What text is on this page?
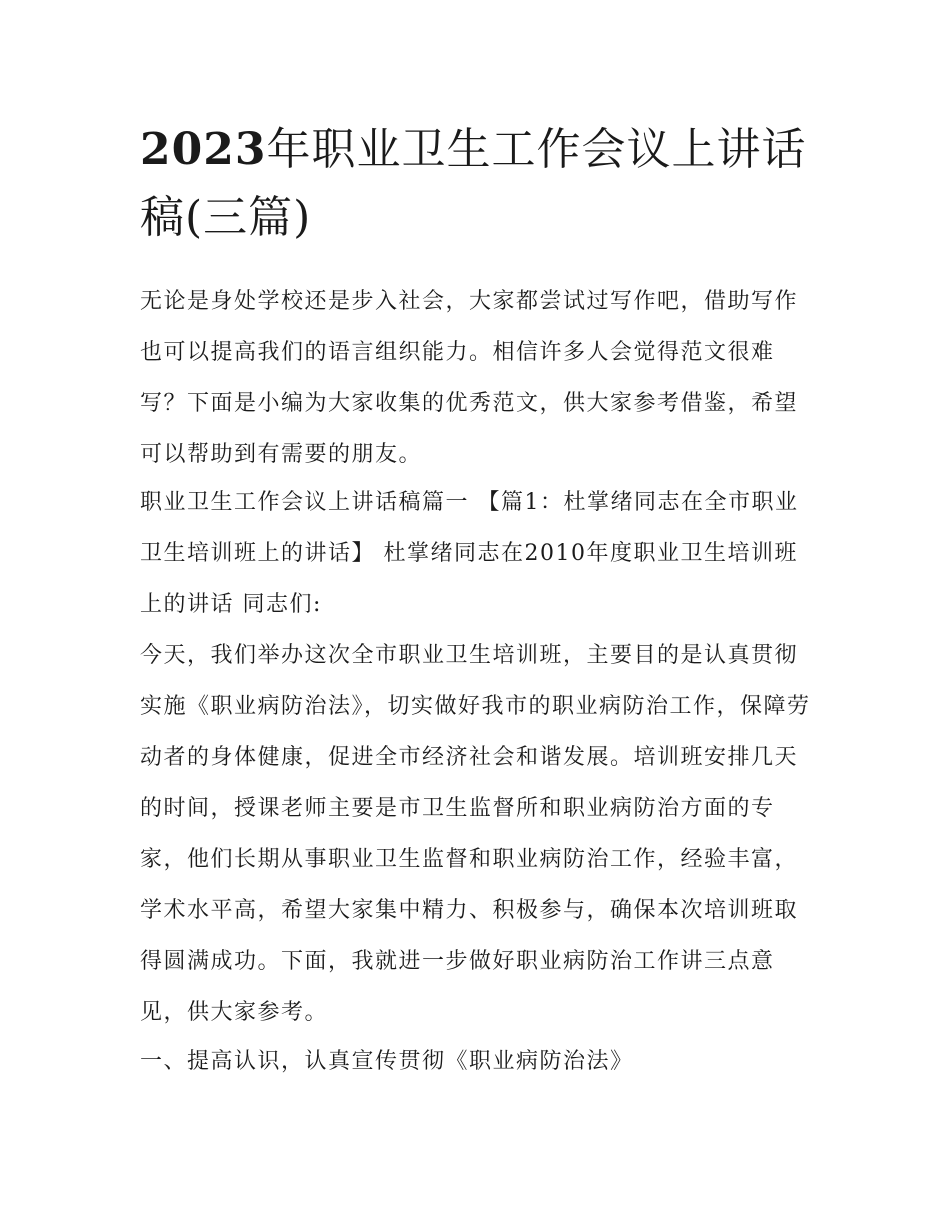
2023年职业卫生工作会议上讲话稿(三篇)

无论是身处学校还是步入社会，大家都尝试过写作吧，借助写作也可以提高我们的语言组织能力。相信许多人会觉得范文很难写？下面是小编为大家收集的优秀范文，供大家参考借鉴，希望可以帮助到有需要的朋友。

职业卫生工作会议上讲话稿篇一 【篇1：杜掌绪同志在全市职业卫生培训班上的讲话】 杜掌绪同志在2010年度职业卫生培训班上的讲话 同志们:

今天，我们举办这次全市职业卫生培训班，主要目的是认真贯彻实施《职业病防治法》，切实做好我市的职业病防治工作，保障劳动者的身体健康，促进全市经济社会和谐发展。培训班安排几天的时间，授课老师主要是市卫生监督所和职业病防治方面的专家，他们长期从事职业卫生监督和职业病防治工作，经验丰富，学术水平高，希望大家集中精力、积极参与，确保本次培训班取得圆满成功。下面，我就进一步做好职业病防治工作讲三点意见，供大家参考。

一、提高认识，认真宣传贯彻《职业病防治法》
